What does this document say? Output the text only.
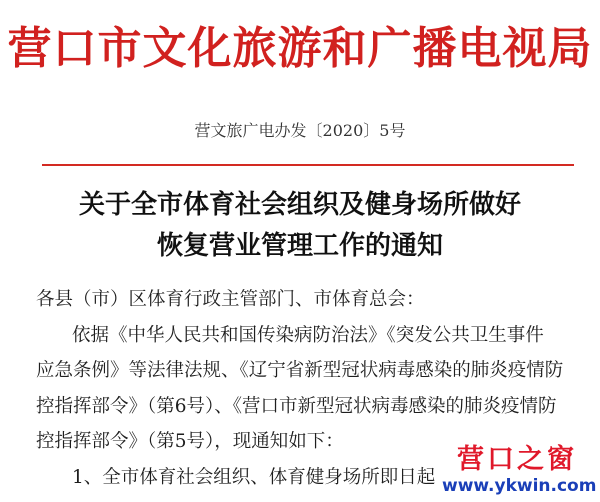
营口市文化旅游和广播电视局
营文旅广电办发〔2020〕5号
关于全市体育社会组织及健身场所做好
恢复营业管理工作的通知
各县（市）区体育行政主管部门、市体育总会：
依据《中华人民共和国传染病防治法》《突发公共卫生事件
应急条例》等法律法规、《辽宁省新型冠状病毒感染的肺炎疫情防
控指挥部令》（第6号）、《营口市新型冠状病毒感染的肺炎疫情防
控指挥部令》（第5号），现通知如下：
1、全市体育社会组织、体育健身场所即日起
营口之窗
www.ykwin.com
